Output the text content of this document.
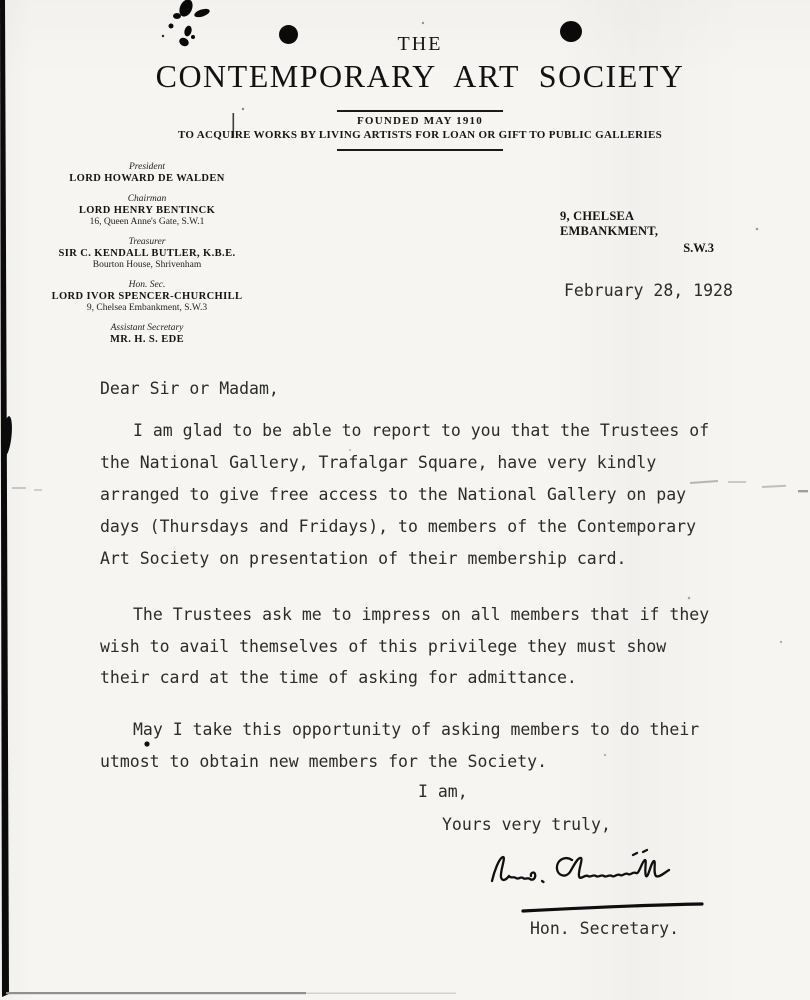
THE
CONTEMPORARY ART SOCIETY
FOUNDED MAY 1910
TO ACQUIRE WORKS BY LIVING ARTISTS FOR LOAN OR GIFT TO PUBLIC GALLERIES
President
LORD HOWARD DE WALDEN
Chairman
LORD HENRY BENTINCK
16, Queen Anne's Gate, S.W.1
Treasurer
SIR C. KENDALL BUTLER, K.B.E.
Bourton House, Shrivenham
Hon. Sec.
LORD IVOR SPENCER-CHURCHILL
9, Chelsea Embankment, S.W.3
Assistant Secretary
MR. H. S. EDE
9, CHELSEA EMBANKMENT,
S.W.3
February 28, 1928
Dear Sir or Madam,
I am glad to be able to report to you that the Trustees of
the National Gallery, Trafalgar Square, have very kindly
arranged to give free access to the National Gallery on pay
days (Thursdays and Fridays), to members of the Contemporary
Art Society on presentation of their membership card.
The Trustees ask me to impress on all members that if they
wish to avail themselves of this privilege they must show
their card at the time of asking for admittance.
May I take this opportunity of asking members to do their
utmost to obtain new members for the Society.
I am,
Yours very truly,
Hon. Secretary.
